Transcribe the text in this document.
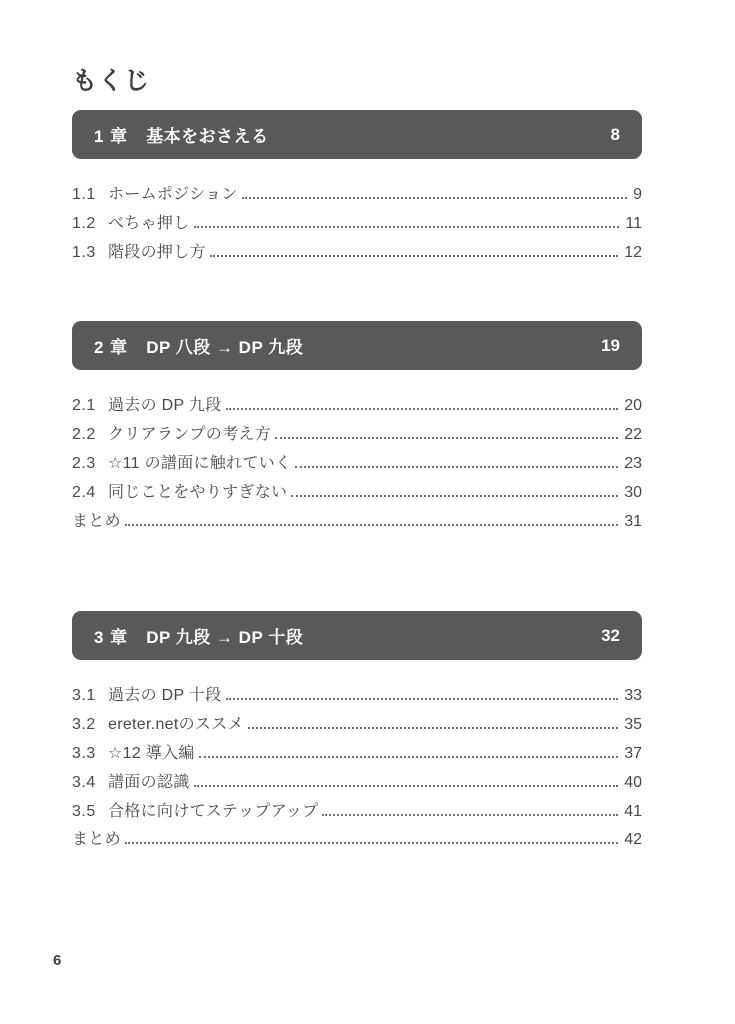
もくじ
1 章 基本をおさえる	8
1.1 ホームポジション	9
1.2 べちゃ押し	11
1.3 階段の押し方	12
2 章 DP 八段 → DP 九段	19
2.1 過去の DP 九段	20
2.2 クリアランプの考え方	22
2.3 ☆11 の譜面に触れていく	23
2.4 同じことをやりすぎない	30
まとめ	31
3 章 DP 九段 → DP 十段	32
3.1 過去の DP 十段	33
3.2 ereter.netのススメ	35
3.3 ☆12 導入編	37
3.4 譜面の認識	40
3.5 合格に向けてステップアップ	41
まとめ	42
6
